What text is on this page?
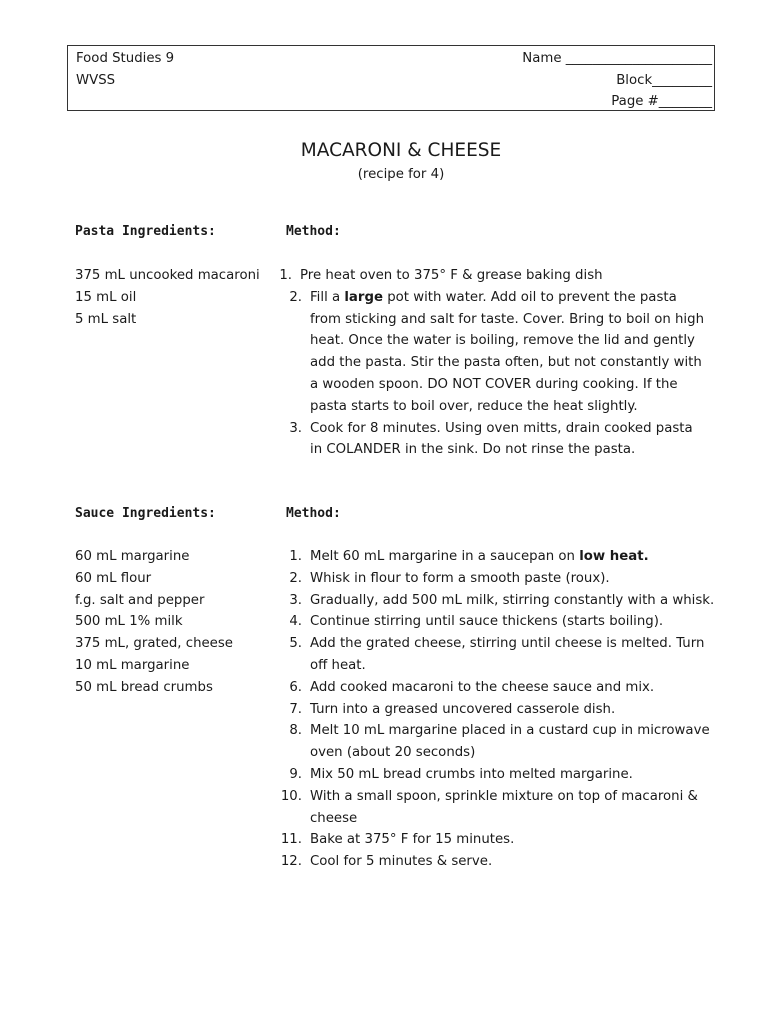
Food Studies 9
WVSS
Name ______________________
Block_________
Page #________
MACARONI & CHEESE
(recipe for 4)
Pasta Ingredients:	Method:
375 mL uncooked macaroni
15 mL oil
5 mL salt
1. Pre heat oven to 375° F & grease baking dish
2. Fill a large pot with water. Add oil to prevent the pasta from sticking and salt for taste. Cover. Bring to boil on high heat. Once the water is boiling, remove the lid and gently add the pasta. Stir the pasta often, but not constantly with a wooden spoon. DO NOT COVER during cooking. If the pasta starts to boil over, reduce the heat slightly.
3. Cook for 8 minutes. Using oven mitts, drain cooked pasta in COLANDER in the sink. Do not rinse the pasta.
Sauce Ingredients:	Method:
60 mL margarine
60 mL flour
f.g. salt and pepper
500 mL 1% milk
375 mL, grated, cheese
10 mL margarine
50 mL bread crumbs
1. Melt 60 mL margarine in a saucepan on low heat.
2. Whisk in flour to form a smooth paste (roux).
3. Gradually, add 500 mL milk, stirring constantly with a whisk.
4. Continue stirring until sauce thickens (starts boiling).
5. Add the grated cheese, stirring until cheese is melted. Turn off heat.
6. Add cooked macaroni to the cheese sauce and mix.
7. Turn into a greased uncovered casserole dish.
8. Melt 10 mL margarine placed in a custard cup in microwave oven (about 20 seconds)
9. Mix 50 mL bread crumbs into melted margarine.
10. With a small spoon, sprinkle mixture on top of macaroni & cheese
11. Bake at 375° F for 15 minutes.
12. Cool for 5 minutes & serve.
